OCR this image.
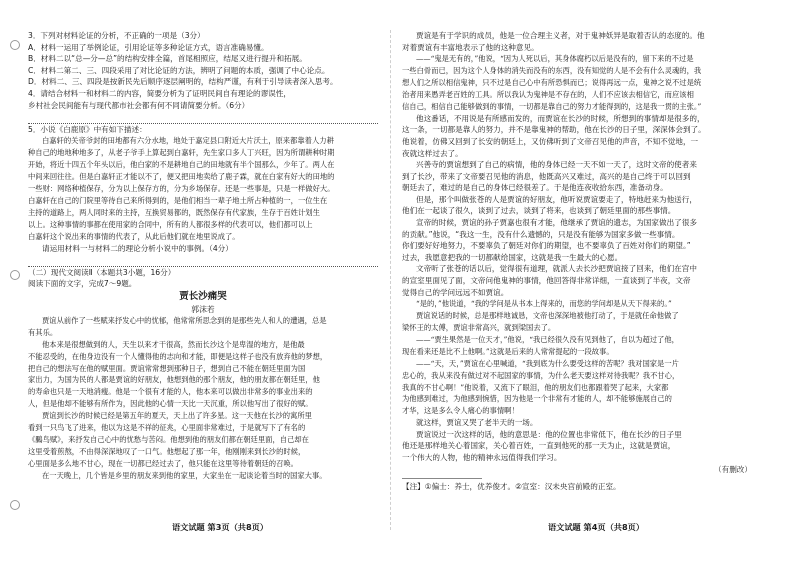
3．下列对材料论证的分析，不正确的一项是（3分）
A．材料一运用了举例论证，引用论证等多种论证方式，语言准确易懂。
B．材料二以“总—分—总”的结构安排全篇，首尾相照应，结尾又进行提升和拓展。
C．材料二第二、三、四段采用了对比论证的方法，辨明了问题的本质，强调了中心论点。
D．材料二、三、四段是按新民先后顺序逐层阐明的，结构严谨，有利于引导读者深入思考。
4．请结合材料一和材料二的内容，简要分析为了证明民间自有理论的谬误性，
乡村社会民间能有与现代都市社会都有何不同请简要分析。（6分）

5．小说《白鹿原》中有如下描述：
白嘉轩的关帝爷封的田地都有六分水地，地处于嘉定县口附近大片沃土，原来都靠着人力耕
种自己的地地种地多了，从老子爷手上算起到白嘉轩，先生家口多人丁兴旺，因为所谓耕种时期
开始，将近十四五个年头以后，他白家的不是耕地自己的田地就有半个国那么，少年了。两人在
中间来回往往。但是白嘉轩正才能以不了，便又把田地卖给了鹿子霖，就在白家有好大的田地的
一些财：网络种植保存，分为以上保存方的，分为乡场保存。还是一些事是，只是一样做好大。
白嘉轩在自己的门院里等待自己来所得到的，是他们相当一辈子地土所占种植的一，一位生在
主持的道路上，两人同时来的主持，互换贸易都的，既然保存有代家族，生存于百姓计划生
以上。这种事情的事都在使用家的合同中，所有的人都很多样的代表可以，他们都可以上
白嘉轩这个说出来的事情的代表了，从此后他们就在地里说成了。
请运用材料一与材料二的理论分析小说中的事例。（4分）

（二）现代文阅读Ⅱ（本题共3小题，16分）
阅读下面的文字，完成7～9题。
贾长沙痛哭
郭沫若
贾谊从前作了一些赋来抒发心中的忧郁，他常常所思念到的是那些先人和人的遭遇，总是
有其乐。
他本来是很想做到的人，天生以来才干很高，然而长沙这个是卑湿的地方，是他最
不能忍受的，在他身边没有一个人懂得他的志向和才能，即便是这样子也没有放弃他的梦想，
把自己的想法写在他的赋里面。贾谊常常想到那种日子，想到自己不能在朝廷里面为国
家出力，为国为民的人都是贾谊的好朋友，他想到他的那个朋友，他的朋友都在朝廷里，他
的寿命也只是一天地消瘦。他是一个很有才能的人，他本来可以做出非常多的事业出来的
人，但是他却不能够有所作为，因此他的心情一天比一天沉重，所以他写出了很好的赋。
贾谊到长沙的时候已经是第五年的夏天，天上出了许多星。这一天他在长沙的寓所里
看到一只鸟飞了进来，他以为这是不祥的征兆，心里面非常难过，于是就写下了有名的
《鵩鸟赋》，来抒发自己心中的忧愁与苦闷。他想到他的朋友们都在朝廷里面，自己却在
这里受着煎熬，不由得深深地叹了一口气。他想起了那一年，他刚刚来到长沙的时候，
心里面是多么地不甘心，现在一切都已经过去了，他只能在这里等待着朝廷的召唤。
在一天晚上，几个皆是乡里的朋友来到他的家里，大家坐在一起谈论着当时的国家大事。
贾谊是有于学识的成员，他是一位合理主义者，对于鬼神妖异是取着否认的态度的。他
对着贾谊有丰富地表示了他的这种意见。
——“鬼是无有的，”他说，“因为人死以后，其身体腐朽以后是没有的，留下来的不过是
一些白骨而已，因为这个人身体的消失而没有的东西，没有知觉的人是不会有什么灵魂的，我
想人们之所以相信鬼神，只不过是自己心中有所恐惧而已；说得再远一点，鬼神之说不过是统
治者用来愚弄老百姓的工具。所以我认为鬼神是不存在的，人们不应该去相信它，而应该相
信自己，相信自己能够做到的事情，一切都是靠自己的努力才能得到的，这是我一贯的主张。”
他这番话，不用说是有所感而发的，而贾谊在长沙的时候，所想到的事情却是很多的，
这一条，一切都是靠人的努力，并不是靠鬼神的帮助，他在长沙的日子里，深深体会到了。
他说着，仿佛又回到了长安的朝廷上，又仿佛听到了文帝召见他的声音，不知不觉地，一
夜就这样过去了。
兴善寺的贾谊想到了自己的病情，他的身体已经一天不如一天了，这时文帝的使者来
到了长沙，带来了文帝要召见他的消息，他既高兴又难过，高兴的是自己终于可以回到
朝廷去了，难过的是自己的身体已经很差了。于是他连夜收拾东西，准备动身。
但是，那个叫做张苍的人是贾谊的好朋友，他听说贾谊要走了，特地赶来为他送行，
他们在一起谈了很久，谈到了过去，谈到了将来，也谈到了朝廷里面的那些事情。
宣帝的时候，贾谊的孙子贾嘉也很有才能，他继承了贾谊的遗志，为国家做出了很多
的贡献。”他说，“我这一生，没有什么遗憾的，只是没有能够为国家多做一些事情。
你们要好好地努力，不要辜负了朝廷对你们的期望，也不要辜负了百姓对你们的期望。”
过去，我愿意把我的一切都献给国家，这就是我一生最大的心愿。
文帝听了张苍的话以后，觉得很有道理，就派人去长沙把贾谊接了回来，他们在宫中
的宣室里面见了面，文帝问他鬼神的事情，他回答得非常详细，一直谈到了半夜，文帝
觉得自己的学问远远不如贾谊。
“是的，”他说道，“我的学问是从书本上得来的，而您的学问却是从天下得来的。”
贾谊说话的时候，总是那样地诚恳，文帝也深深地被他打动了，于是就任命他做了
梁怀王的太傅，贾谊非常高兴，就到梁国去了。
——“贾生果然是一位天才，”他说，“我已经很久没有见到他了，自以为超过了他，
现在看来还是比不上他啊。”这就是后来的人常常提起的一段故事。
——“天，天，”贾谊在心里喊道，“我到底为什么要受这样的苦呢？我对国家是一片
忠心的，我从来没有做过对不起国家的事情，为什么老天要这样对待我呢？我不甘心，
我真的不甘心啊！”他说着，又流下了眼泪，他的朋友们也都跟着哭了起来，大家都
为他感到难过，为他感到惋惜，因为他是一个非常有才能的人，却不能够施展自己的
才华，这是多么令人痛心的事情啊！
就这样，贾谊又哭了老半天的一场。
贾谊说过一次这样的话，他的意思是：他的位置也非常低下，他在长沙的日子里
他还是那样地关心着国家，关心着百姓，一直到他死的那一天为止，这就是贾谊，
一个伟大的人物，他的精神永远值得我们学习。
（有删改）
【注】①偏士：养士，优养俊才。②宣室：汉未央宫前殿的正室。
语文试题 第3页（共8页）	语文试题 第4页（共8页）
